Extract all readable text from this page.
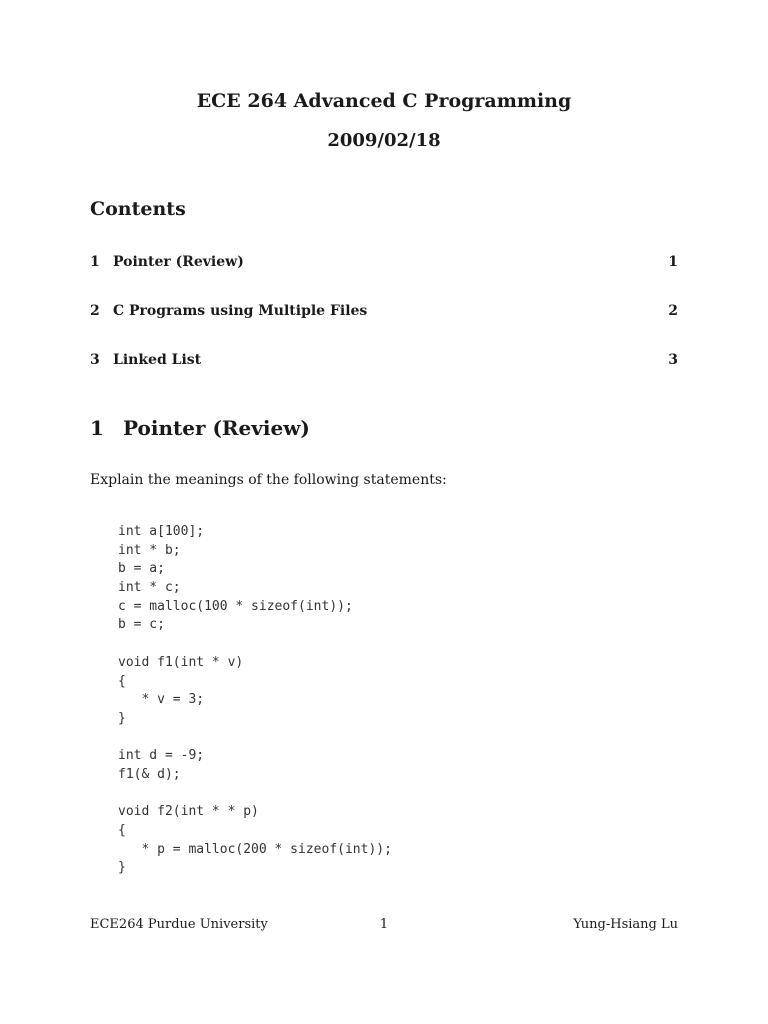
ECE 264 Advanced C Programming
2009/02/18
Contents
1 Pointer (Review)	1
2 C Programs using Multiple Files	2
3 Linked List	3
1 Pointer (Review)
Explain the meanings of the following statements:
int a[100];
int * b;
b = a;
int * c;
c = malloc(100 * sizeof(int));
b = c;
void f1(int * v)
{
* v = 3;
}
int d = -9;
f1(& d);
void f2(int * * p)
{
* p = malloc(200 * sizeof(int));
}
ECE264 Purdue University	1	Yung-Hsiang Lu
